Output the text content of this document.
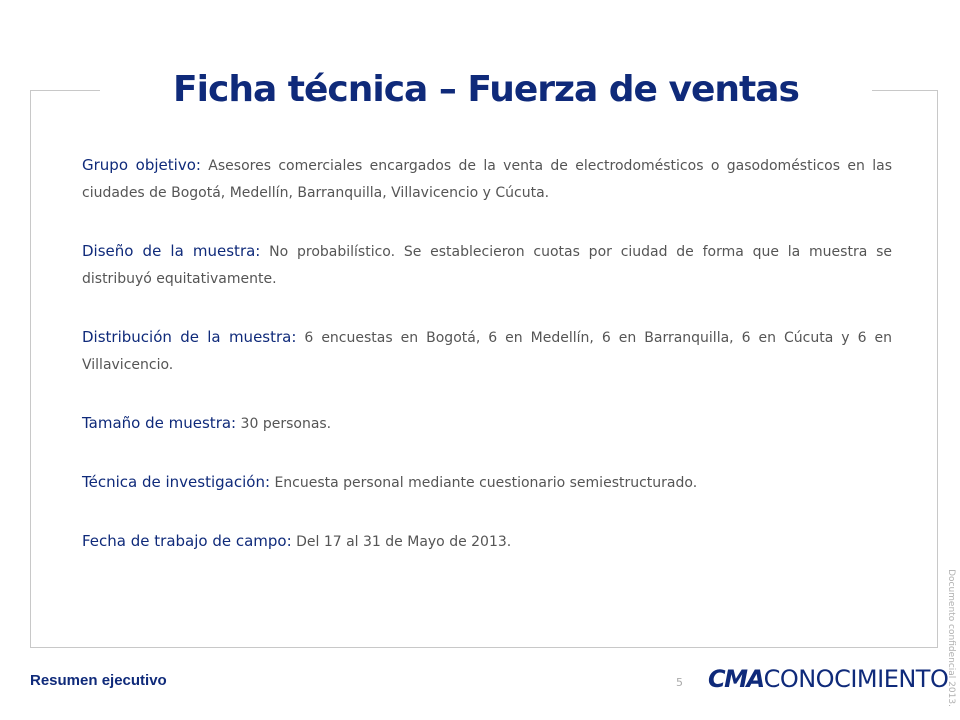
Ficha técnica – Fuerza de ventas

Grupo objetivo: Asesores comerciales encargados de la venta de electrodomésticos o gasodomésticos en las ciudades de Bogotá, Medellín, Barranquilla, Villavicencio y Cúcuta.

Diseño de la muestra: No probabilístico. Se establecieron cuotas por ciudad de forma que la muestra se distribuyó equitativamente.

Distribución de la muestra: 6 encuestas en Bogotá, 6 en Medellín, 6 en Barranquilla, 6 en Cúcuta y 6 en Villavicencio.

Tamaño de muestra: 30 personas.

Técnica de investigación: Encuesta personal mediante cuestionario semiestructurado.

Fecha de trabajo de campo: Del 17 al 31 de Mayo de 2013.

Resumen ejecutivo	5 CMA CONOCIMIENTO
Documento confidencial 2013.
